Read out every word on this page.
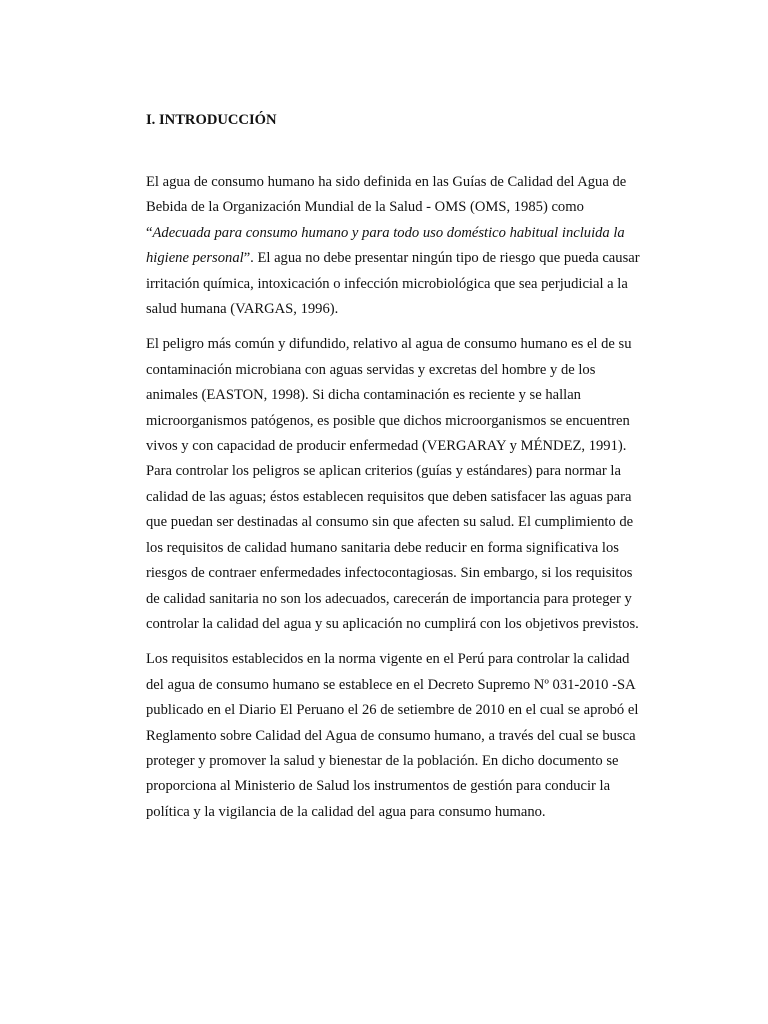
I. INTRODUCCIÓN
El agua de consumo humano ha sido definida en las Guías de Calidad del Agua de
Bebida de la Organización Mundial de la Salud - OMS (OMS, 1985) como
“Adecuada para consumo humano y para todo uso doméstico habitual incluida la
higiene personal”. El agua no debe presentar ningún tipo de riesgo que pueda causar
irritación química, intoxicación o infección microbiológica que sea perjudicial a la
salud humana (VARGAS, 1996).
El peligro más común y difundido, relativo al agua de consumo humano es el de su
contaminación microbiana con aguas servidas y excretas del hombre y de los
animales (EASTON, 1998). Si dicha contaminación es reciente y se hallan
microorganismos patógenos, es posible que dichos microorganismos se encuentren
vivos y con capacidad de producir enfermedad (VERGARAY y MÉNDEZ, 1991).
Para controlar los peligros se aplican criterios (guías y estándares) para normar la
calidad de las aguas; éstos establecen requisitos que deben satisfacer las aguas para
que puedan ser destinadas al consumo sin que afecten su salud. El cumplimiento de
los requisitos de calidad humano sanitaria debe reducir en forma significativa los
riesgos de contraer enfermedades infectocontagiosas. Sin embargo, si los requisitos
de calidad sanitaria no son los adecuados, carecerán de importancia para proteger y
controlar la calidad del agua y su aplicación no cumplirá con los objetivos previstos.
Los requisitos establecidos en la norma vigente en el Perú para controlar la calidad
del agua de consumo humano se establece en el Decreto Supremo Nº 031-2010 -SA
publicado en el Diario El Peruano el 26 de setiembre de 2010 en el cual se aprobó el
Reglamento sobre Calidad del Agua de consumo humano, a través del cual se busca
proteger y promover la salud y bienestar de la población. En dicho documento se
proporciona al Ministerio de Salud los instrumentos de gestión para conducir la
política y la vigilancia de la calidad del agua para consumo humano.
